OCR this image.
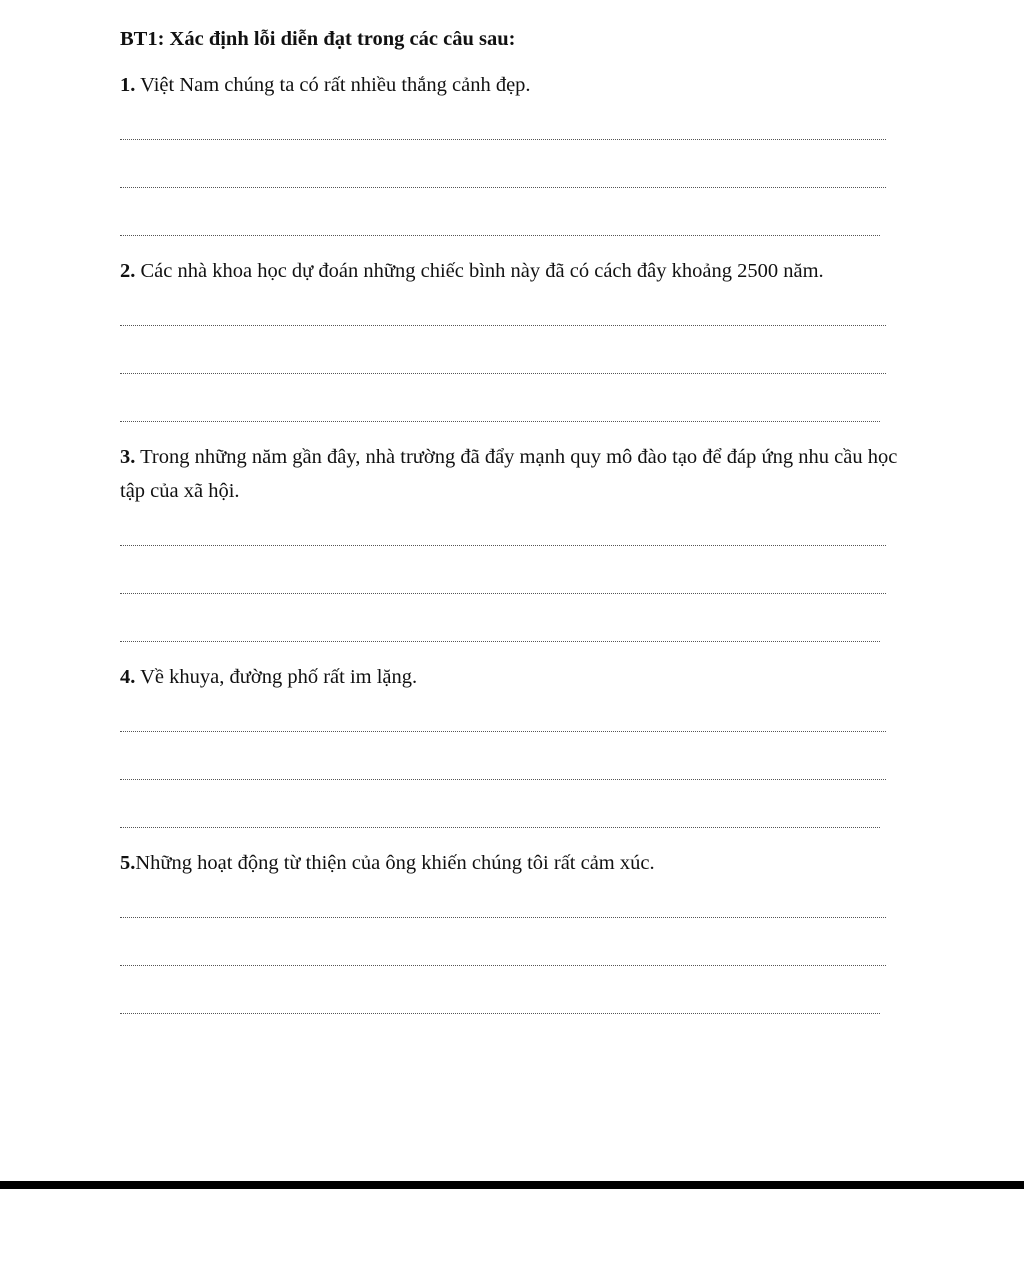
BT1: Xác định lỗi diễn đạt trong các câu sau:

1. Việt Nam chúng ta có rất nhiều thắng cảnh đẹp.

2. Các nhà khoa học dự đoán những chiếc bình này đã có cách đây khoảng 2500 năm.

3. Trong những năm gần đây, nhà trường đã đẩy mạnh quy mô đào tạo để đáp ứng nhu cầu học tập của xã hội.

4. Về khuya, đường phố rất im lặng.

5.Những hoạt động từ thiện của ông khiến chúng tôi rất cảm xúc.
